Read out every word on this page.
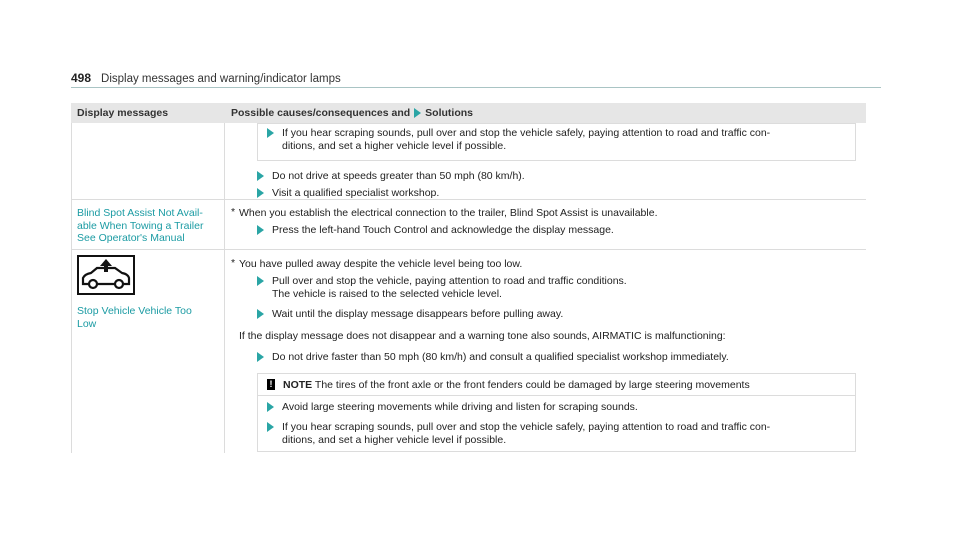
498 Display messages and warning/indicator lamps
Display messages	Possible causes/consequences and Solutions
If you hear scraping sounds, pull over and stop the vehicle safely, paying attention to road and traffic con-
ditions, and set a higher vehicle level if possible.
Do not drive at speeds greater than 50 mph (80 km/h).
Visit a qualified specialist workshop.
Blind Spot Assist Not Avail-
able When Towing a Trailer
See Operator's Manual
* When you establish the electrical connection to the trailer, Blind Spot Assist is unavailable.
Press the left-hand Touch Control and acknowledge the display message.
Stop Vehicle Vehicle Too
Low
* You have pulled away despite the vehicle level being too low.
Pull over and stop the vehicle, paying attention to road and traffic conditions.
The vehicle is raised to the selected vehicle level.
Wait until the display message disappears before pulling away.
If the display message does not disappear and a warning tone also sounds, AIRMATIC is malfunctioning:
Do not drive faster than 50 mph (80 km/h) and consult a qualified specialist workshop immediately.
! NOTE The tires of the front axle or the front fenders could be damaged by large steering movements
Avoid large steering movements while driving and listen for scraping sounds.
If you hear scraping sounds, pull over and stop the vehicle safely, paying attention to road and traffic con-
ditions, and set a higher vehicle level if possible.
